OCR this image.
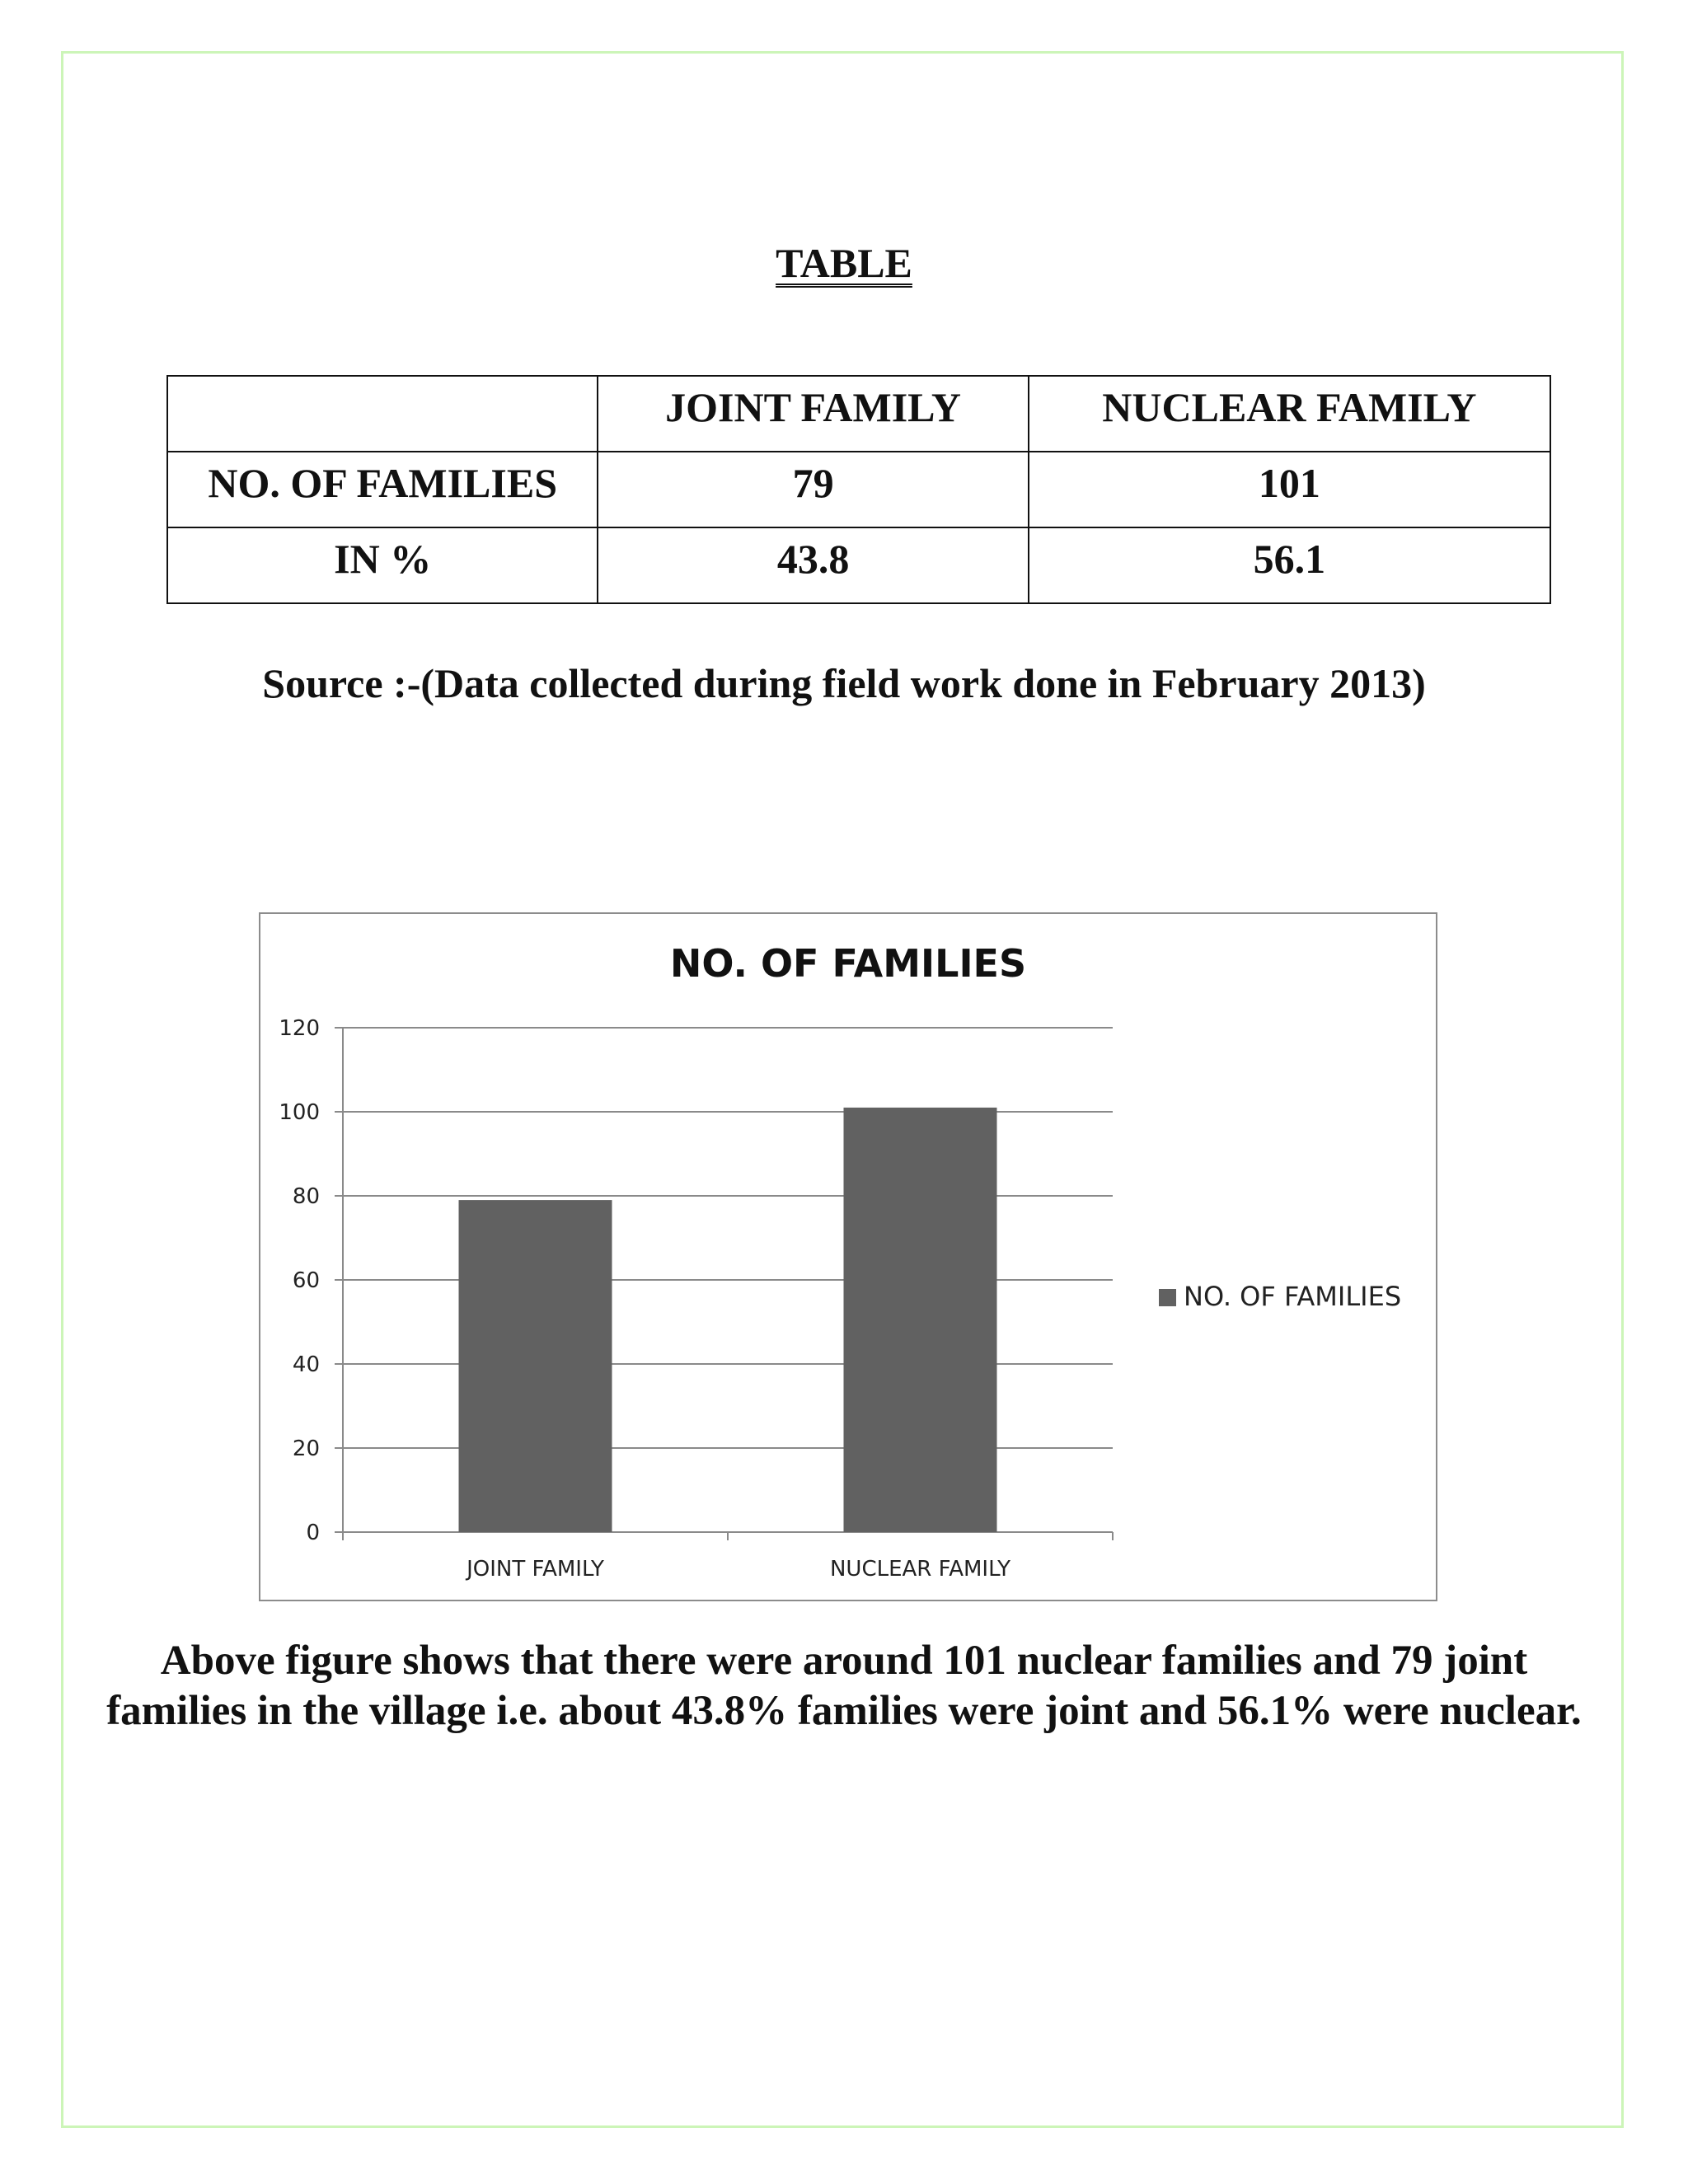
TABLE
	JOINT FAMILY	NUCLEAR FAMILY
NO. OF FAMILIES	79	101
IN %	43.8	56.1
Source :-(Data collected during field work done in February 2013)
NO. OF FAMILIES
0
20
40
60
80
100
120
JOINT FAMILY	NUCLEAR FAMILY
NO. OF FAMILIES
Above figure shows that there were around 101 nuclear families and 79 joint
families in the village i.e. about 43.8% families were joint and 56.1% were nuclear.
